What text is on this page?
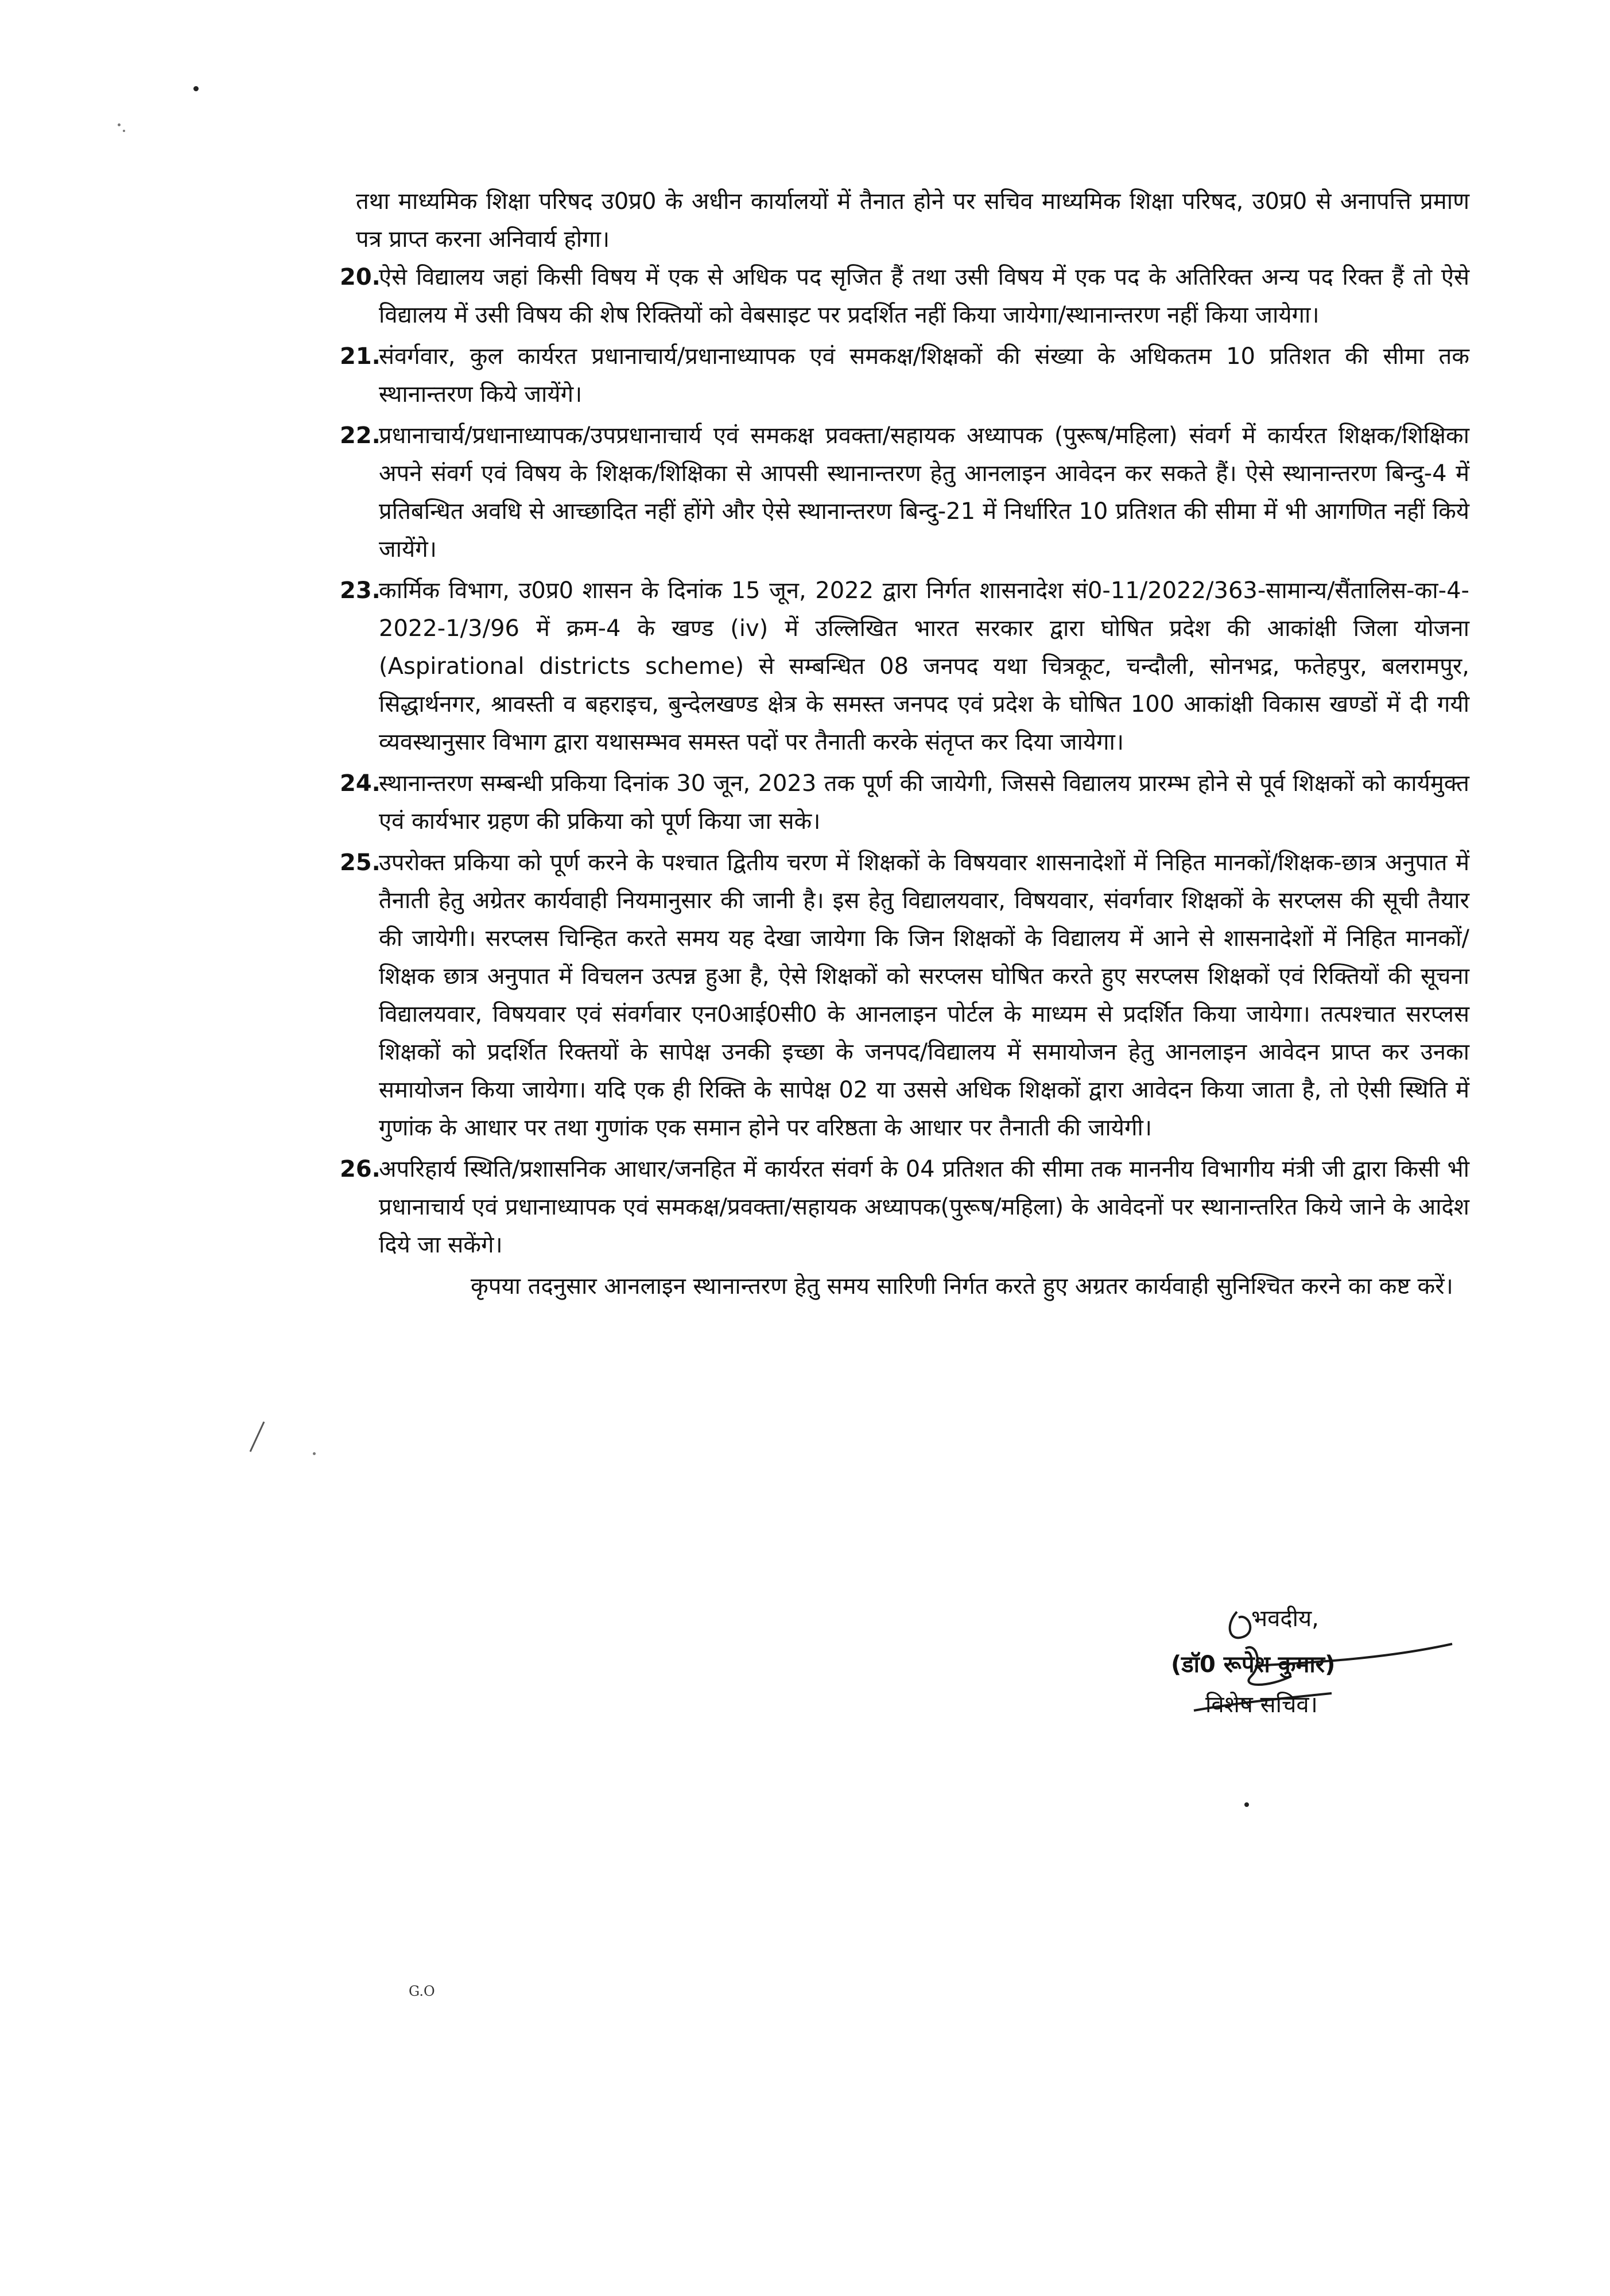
तथा माध्यमिक शिक्षा परिषद उ0प्र0 के अधीन कार्यालयों में तैनात होने पर सचिव माध्यमिक शिक्षा परिषद, उ0प्र0 से अनापत्ति प्रमाण पत्र प्राप्त करना अनिवार्य होगा।

20.

ऐसे विद्यालय जहां किसी विषय में एक से अधिक पद सृजित हैं तथा उसी विषय में एक पद के अतिरिक्त अन्य पद रिक्त हैं तो ऐसे विद्यालय में उसी विषय की शेष रिक्तियों को वेबसाइट पर प्रदर्शित नहीं किया जायेगा/स्थानान्तरण नहीं किया जायेगा।

21.

संवर्गवार, कुल कार्यरत प्रधानाचार्य/प्रधानाध्यापक एवं समकक्ष/शिक्षकों की संख्या के अधिकतम 10 प्रतिशत की सीमा तक स्थानान्तरण किये जायेंगे।

22.

प्रधानाचार्य/प्रधानाध्यापक/उपप्रधानाचार्य एवं समकक्ष प्रवक्ता/सहायक अध्यापक (पुरूष/महिला) संवर्ग में कार्यरत शिक्षक/शिक्षिका अपने संवर्ग एवं विषय के शिक्षक/शिक्षिका से आपसी स्थानान्तरण हेतु आनलाइन आवेदन कर सकते हैं। ऐसे स्थानान्तरण बिन्दु-4 में प्रतिबन्धित अवधि से आच्छादित नहीं होंगे और ऐसे स्थानान्तरण बिन्दु-21 में निर्धारित 10 प्रतिशत की सीमा में भी आगणित नहीं किये जायेंगे।

23.

कार्मिक विभाग, उ0प्र0 शासन के दिनांक 15 जून, 2022 द्वारा निर्गत शासनादेश सं0-11/2022/363-सामान्य/सैंतालिस-का-4-2022-1/3/96 में क्रम-4 के खण्ड (iv) में उल्लिखित भारत सरकार द्वारा घोषित प्रदेश की आकांक्षी जिला योजना (Aspirational districts scheme) से सम्बन्धित 08 जनपद यथा चित्रकूट, चन्दौली, सोनभद्र, फतेहपुर, बलरामपुर, सिद्धार्थनगर, श्रावस्ती व बहराइच, बुन्देलखण्ड क्षेत्र के समस्त जनपद एवं प्रदेश के घोषित 100 आकांक्षी विकास खण्डों में दी गयी व्यवस्थानुसार विभाग द्वारा यथासम्भव समस्त पदों पर तैनाती करके संतृप्त कर दिया जायेगा।

24.

स्थानान्तरण सम्बन्धी प्रकिया दिनांक 30 जून, 2023 तक पूर्ण की जायेगी, जिससे विद्यालय प्रारम्भ होने से पूर्व शिक्षकों को कार्यमुक्त एवं कार्यभार ग्रहण की प्रकिया को पूर्ण किया जा सके।

25.

उपरोक्त प्रकिया को पूर्ण करने के पश्चात द्वितीय चरण में शिक्षकों के विषयवार शासनादेशों में निहित मानकों/शिक्षक-छात्र अनुपात में तैनाती हेतु अग्रेतर कार्यवाही नियमानुसार की जानी है। इस हेतु विद्यालयवार, विषयवार, संवर्गवार शिक्षकों के सरप्लस की सूची तैयार की जायेगी। सरप्लस चिन्हित करते समय यह देखा जायेगा कि जिन शिक्षकों के विद्यालय में आने से शासनादेशों में निहित मानकों/शिक्षक छात्र अनुपात में विचलन उत्पन्न हुआ है, ऐसे शिक्षकों को सरप्लस घोषित करते हुए सरप्लस शिक्षकों एवं रिक्तियों की सूचना विद्यालयवार, विषयवार एवं संवर्गवार एन0आई0सी0 के आनलाइन पोर्टल के माध्यम से प्रदर्शित किया जायेगा। तत्पश्चात सरप्लस शिक्षकों को प्रदर्शित रिक्तयों के सापेक्ष उनकी इच्छा के जनपद/विद्यालय में समायोजन हेतु आनलाइन आवेदन प्राप्त कर उनका समायोजन किया जायेगा। यदि एक ही रिक्ति के सापेक्ष 02 या उससे अधिक शिक्षकों द्वारा आवेदन किया जाता है, तो ऐसी स्थिति में गुणांक के आधार पर तथा गुणांक एक समान होने पर वरिष्ठता के आधार पर तैनाती की जायेगी।

26.

अपरिहार्य स्थिति/प्रशासनिक आधार/जनहित में कार्यरत संवर्ग के 04 प्रतिशत की सीमा तक माननीय विभागीय मंत्री जी द्वारा किसी भी प्रधानाचार्य एवं प्रधानाध्यापक एवं समकक्ष/प्रवक्ता/सहायक अध्यापक(पुरूष/महिला) के आवेदनों पर स्थानान्तरित किये जाने के आदेश दिये जा सकेंगे।

कृपया तदनुसार आनलाइन स्थानान्तरण हेतु समय सारिणी निर्गत करते हुए अग्रतर कार्यवाही सुनिश्चित करने का कष्ट करें।

भवदीय,
(डॉ0 रूपेश कुमार)
विशेष सचिव।
G.O
